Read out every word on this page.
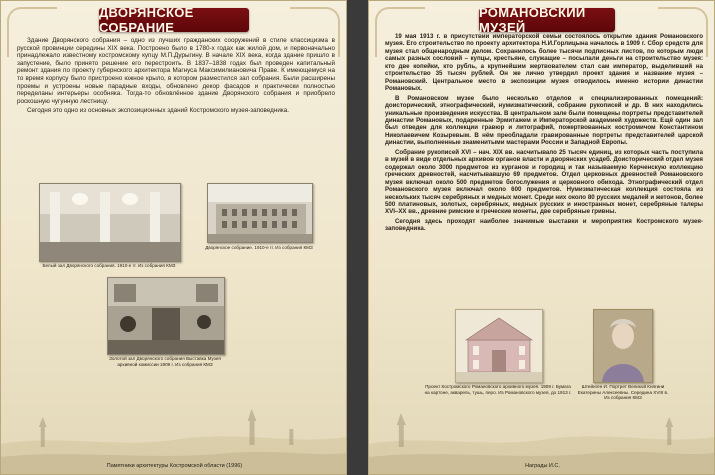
ДВОРЯНСКОЕ СОБРАНИЕ

Здание Дворянского собрания – одно из лучших гражданских сооружений в стиле классицизма в русской провинции середины XIX века. Построено было в 1780-х годах как жилой дом, и первоначально принадлежало известному костромскому купцу М.П.Дурыгину. В начале XIX века, когда здание пришло в запустение, было принято решение его перестроить. В 1837–1838 годах был проведен капитальный ремонт здания по проекту губернского архитектора Магнуса Максимилиановича Праве. К имеющемуся на то время корпусу было пристроено южное крыло, в котором разместился зал собрания. Были расширены проемы и устроены новые парадные входы, обновлено декор фасадов и практически полностью переделаны интерьеры особняка. Тогда-то обновлённое здание Дворянского собрания и приобрело роскошную чугунную лестницу.

Сегодня это одно из основных экспозиционных зданий Костромского музея-заповедника.

Белый зал Дворянского собрания. 1910-е гг. Из собрания КМЗ
Дворянское собрание. 1910-е гг. Из собрания КМЗ
Золотой зал Дворянского собрания Выставка Музея архивной комиссии 1909 г. Из собрания КМЗ
Памятники архитектуры Костромской области (1996)
РОМАНОВСКИЙ МУЗЕЙ

19 мая 1913 г. в присутствии императорской семьи состоялось открытие здания Романовского музея. Его строительство по проекту архитектора Н.И.Горлицына началось в 1909 г. Сбор средств для музея стал общенародным делом. Сохранилось более тысячи подписных листов, по которым люди самых разных сословий – купцы, крестьяне, служащие – посылали деньги на строительство музея: кто две копейки, кто рубль, а крупнейшим жертвователем стал сам император, выделивший на строительство 35 тысяч рублей. Он же лично утвердил проект здания и название музея – Романовский. Центральное место в экспозиции музея отводилось именно истории династии Романовых.

В Романовском музее было несколько отделов и специализированных помещений: доисторический, этнографический, нумизматический, собрание рукописей и др. В них находились уникальные произведения искусства. В центральном зале были помещены портреты представителей династии Романовых, подаренные Эрмитажем и Императорской академией художеств. Ещё один зал был отведен для коллекции гравюр и литографий, пожертвованных костромичом Константином Николаевичем Козыревым. В нём преобладали гравированные портреты представителей царской династии, выполненные знаменитыми мастерами России и Западной Европы.

Собрание рукописей XVI – нач. XIX вв. насчитывало 25 тысяч единиц, из которых часть поступила в музей в виде отдельных архивов органов власти и дворянских усадеб. Доисторический отдел музея содержал около 3000 предметов из курганов и городищ и так называемую Керченскую коллекцию греческих древностей, насчитывавшую 69 предметов. Отдел церковных древностей Романовского музея включал около 500 предметов богослужения и церковного обихода. Этнографический отдел Романовского музея включал около 600 предметов. Нумизматическая коллекция состояла из нескольких тысяч серебряных и медных монет. Среди них около 80 русских медалей и жетонов, более 500 платиновых, золотых, серебряных, медных русских и иностранных монет, серебряные талеры XVI–XX вв., древние римские и греческие монеты, две серебряные гривны.

Сегодня здесь проходят наиболее значимые выставки и мероприятия Костромского музея-заповедника.

Проект Костромского Романовского архивного музея. 1909 г. Бумага на картоне, акварель, тушь, перо. Из Романовского музея, до 1913 г.
Штейнген И. Портрет Великой Княгини Екатерины Алексеевны. Середина XVIII в. Из собрания КМЗ
Награды И.С.
